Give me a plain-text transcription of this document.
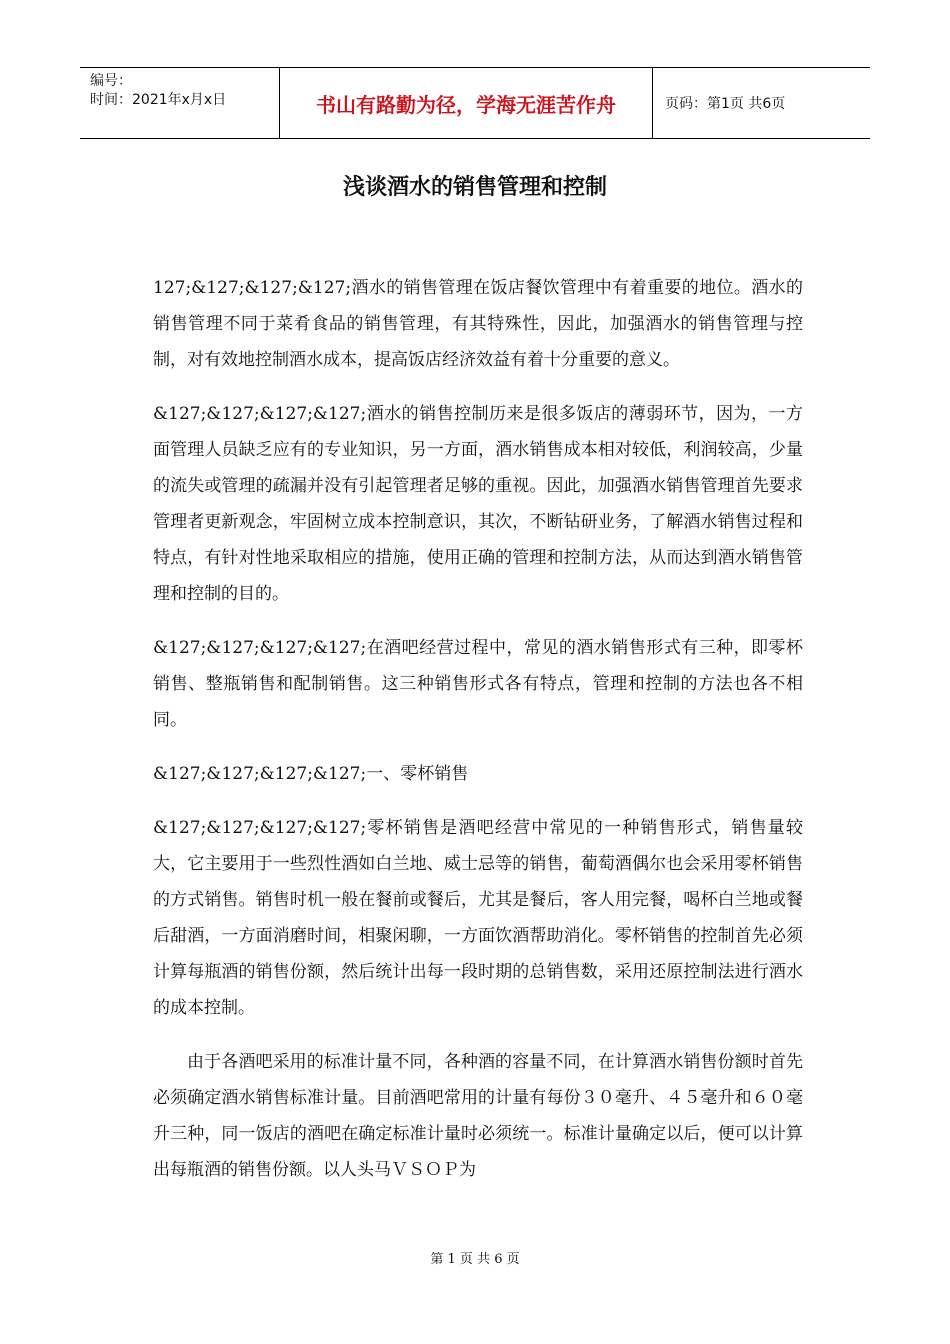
编号：
时间：2021年x月x日	书山有路勤为径，学海无涯苦作舟	页码：第1页 共6页
浅谈酒水的销售管理和控制

127;&127;&127;&127;酒水的销售管理在饭店餐饮管理中有着重要的地位。酒水的销售管理不同于菜肴食品的销售管理，有其特殊性，因此，加强酒水的销售管理与控制，对有效地控制酒水成本，提高饭店经济效益有着十分重要的意义。

&127;&127;&127;&127;酒水的销售控制历来是很多饭店的薄弱环节，因为，一方面管理人员缺乏应有的专业知识，另一方面，酒水销售成本相对较低，利润较高，少量的流失或管理的疏漏并没有引起管理者足够的重视。因此，加强酒水销售管理首先要求管理者更新观念，牢固树立成本控制意识，其次，不断钻研业务，了解酒水销售过程和特点，有针对性地采取相应的措施，使用正确的管理和控制方法，从而达到酒水销售管理和控制的目的。

&127;&127;&127;&127;在酒吧经营过程中，常见的酒水销售形式有三种，即零杯销售、整瓶销售和配制销售。这三种销售形式各有特点，管理和控制的方法也各不相同。

&127;&127;&127;&127;一、零杯销售

&127;&127;&127;&127;零杯销售是酒吧经营中常见的一种销售形式，销售量较大，它主要用于一些烈性酒如白兰地、威士忌等的销售，葡萄酒偶尔也会采用零杯销售的方式销售。销售时机一般在餐前或餐后，尤其是餐后，客人用完餐，喝杯白兰地或餐后甜酒，一方面消磨时间，相聚闲聊，一方面饮酒帮助消化。零杯销售的控制首先必须计算每瓶酒的销售份额，然后统计出每一段时期的总销售数，采用还原控制法进行酒水的成本控制。

由于各酒吧采用的标准计量不同，各种酒的容量不同，在计算酒水销售份额时首先必须确定酒水销售标准计量。目前酒吧常用的计量有每份３０毫升、４５毫升和６０毫升三种，同一饭店的酒吧在确定标准计量时必须统一。标准计量确定以后，便可以计算出每瓶酒的销售份额。以人头马ＶＳＯＰ为

第 1 页 共 6 页
